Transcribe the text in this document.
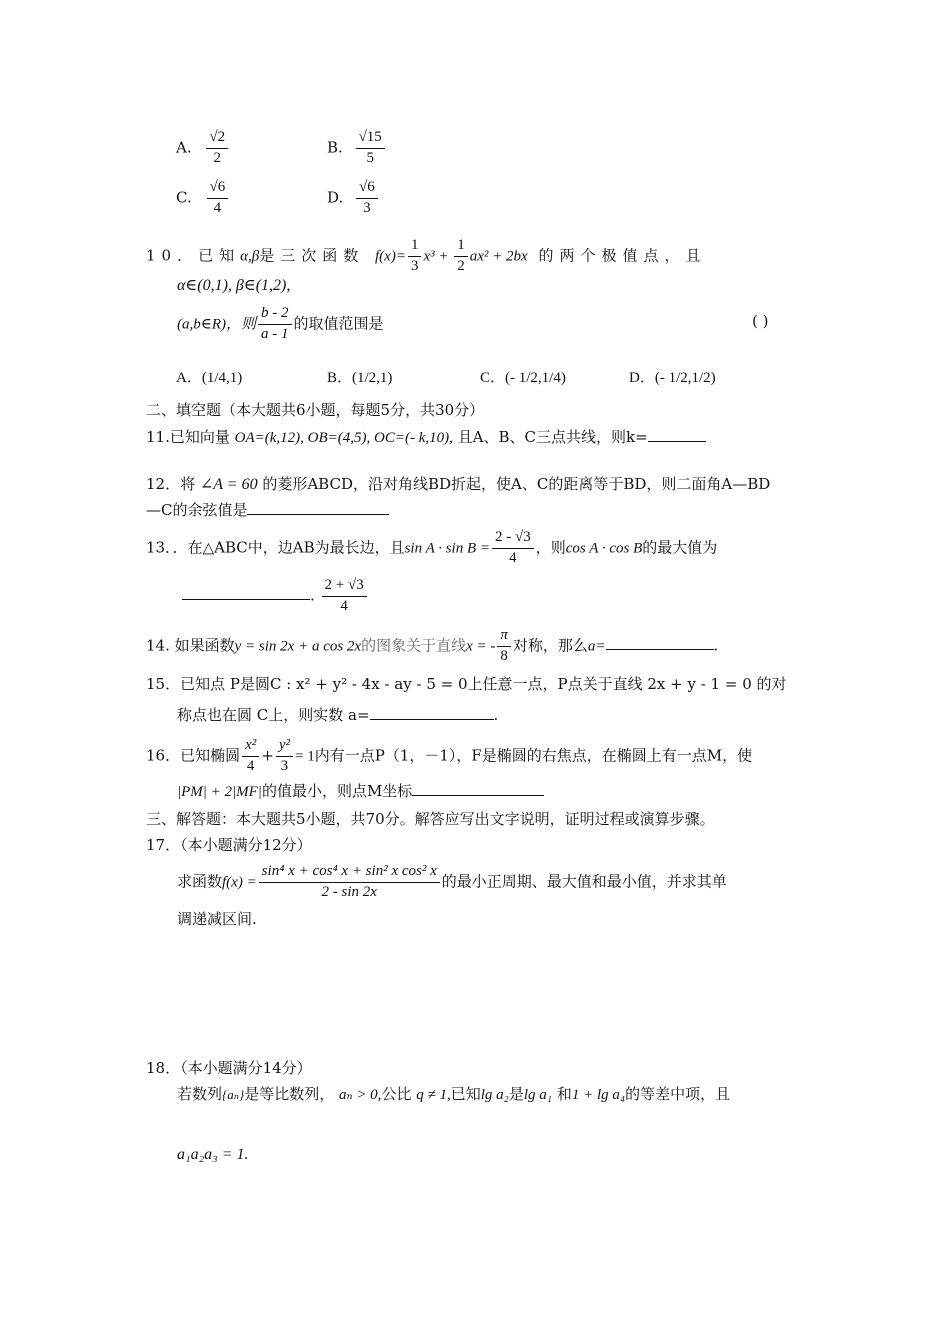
A. $\frac{√2}{2}$	B. $\frac{√15}{5}$
C. $\frac{√6}{4}$	D. $\frac{√6}{3}$
10．已知α,β是三次函数 $f(x)= \frac{1}{3} x^3 + \frac{1}{2} ax^2 + 2bx$ 的两个极值点，且
α∈(0,1), β∈(1,2),
(a,b∈R)，则 $\frac{b - 2}{a - 1}$ 的取值范围是	( )
A．(1/4,1)	B．(1/2,1)	C．(- 1/2,1/4)	D．(- 1/2,1/2)
二、填空题（本大题共6小题，每题5分，共30分）
11.已知向量 OA=(k,12), OB=(4,5), OC=(- k,10), 且A、B、C三点共线，则k=
12．将 ∠A = 60 的菱形ABCD，沿对角线BD折起，使A、C的距离等于BD，则二面角A—BD
—C的余弦值是
13．．在△ABC中，边AB为最长边，且$\sin A \cdot \sin B = \frac{2 - √3}{4}$ ，则cos A · cos B的最大值为
. $\frac{2 + √3}{4}$
14. 如果函数y = sin 2x + a cos 2x的图象关于直线x = - $\frac{\pi}{8}$ 对称，那么a=	.
15．已知点 P是圆C : x² + y² - 4x - ay - 5 = 0上任意一点，P点关于直线 2x + y - 1 = 0 的对
称点也在圆 C上，则实数 a=	.
16．已知椭圆 $\frac{\text{x²}}{4} + \frac{\text{y²}}{3} = 1$内有一点P（1，－1），F是椭圆的右焦点，在椭圆上有一点M，使
|PM| + 2|MF|的值最小，则点M坐标
三、解答题：本大题共5小题，共70分。解答应写出文字说明，证明过程或演算步骤。
17．（本小题满分12分）
求函数$f(x) = \frac{\text{sin⁴ x + cos⁴ x + sin² x cos² x}}{2 - \sin 2x}$ 的最小正周期、最大值和最小值，并求其单
调递减区间.
18．（本小题满分14分）
若数列{aₙ}是等比数列， aₙ > 0,公比 q ≠ 1,已知lg a₂是lg a₁ 和1 + lg a₄的等差中项，且
a₁a₂a₃ = 1.
